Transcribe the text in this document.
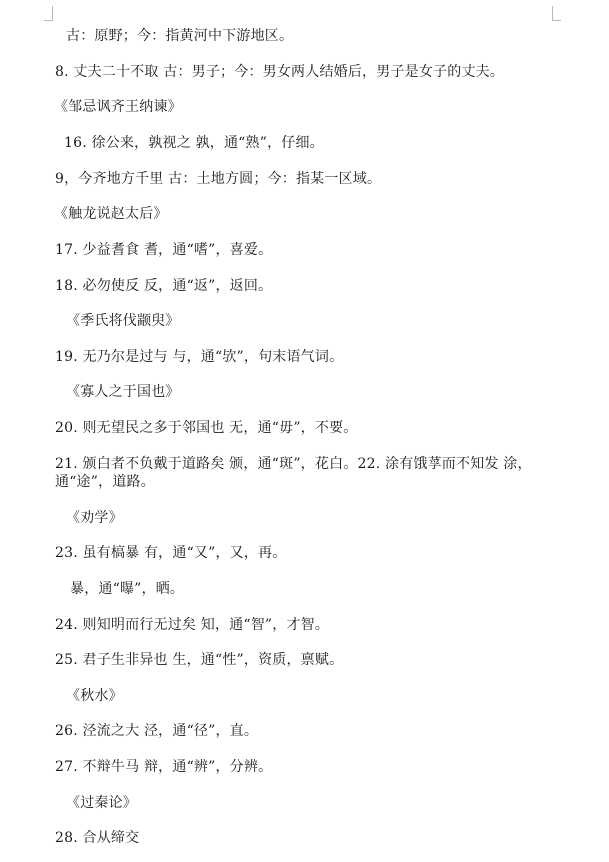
古：原野；今：指黄河中下游地区。
8. 丈夫二十不取 古：男子；今：男女两人结婚后，男子是女子的丈夫。
《邹忌讽齐王纳谏》
16. 徐公来，孰视之 孰，通“熟”，仔细。
9，今齐地方千里 古：土地方圆；今：指某一区域。
《触龙说赵太后》
17. 少益耆食 耆，通“嗜”，喜爱。
18. 必勿使反 反，通“返”，返回。
《季氏将伐颛臾》
19. 无乃尔是过与 与，通“欤”，句末语气词。
《寡人之于国也》
20. 则无望民之多于邻国也 无，通“毋”，不要。
21. 颁白者不负戴于道路矣 颁，通“斑”，花白。22. 涂有饿莩而不知发 涂，
通“途”，道路。
《劝学》
23. 虽有槁暴 有，通“又”，又，再。
暴，通“曝”，晒。
24. 则知明而行无过矣 知，通“智”，才智。
25. 君子生非异也 生，通“性”，资质，禀赋。
《秋水》
26. 泾流之大 泾，通“径”，直。
27. 不辩牛马 辩，通“辨”，分辨。
《过秦论》
28. 合从缔交
